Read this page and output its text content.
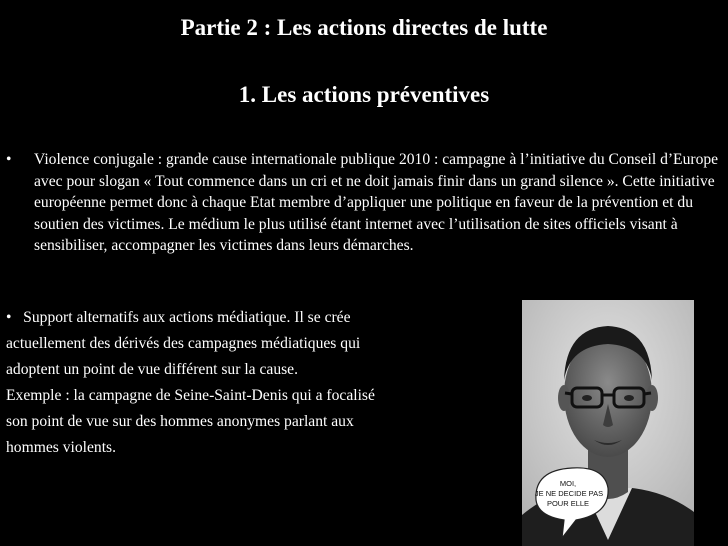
Partie 2 : Les actions directes de lutte
1. Les actions préventives
• Violence conjugale : grande cause internationale publique 2010 : campagne à l’initiative du Conseil d’Europe avec pour slogan « Tout commence dans un cri et ne doit jamais finir dans un grand silence ». Cette initiative européenne permet donc à chaque Etat membre d’appliquer une politique en faveur de la prévention et du soutien des victimes. Le médium le plus utilisé étant internet avec l’utilisation de sites officiels visant à sensibiliser, accompagner les victimes dans leurs démarches.
• Support alternatifs aux actions médiatique. Il se crée
actuellement des dérivés des campagnes médiatiques qui
adoptent un point de vue différent sur la cause.
Exemple : la campagne de Seine-Saint-Denis qui a focalisé
son point de vue sur des hommes anonymes parlant aux
hommes violents.
MOI,
JE NE DECIDE PAS
POUR ELLE
